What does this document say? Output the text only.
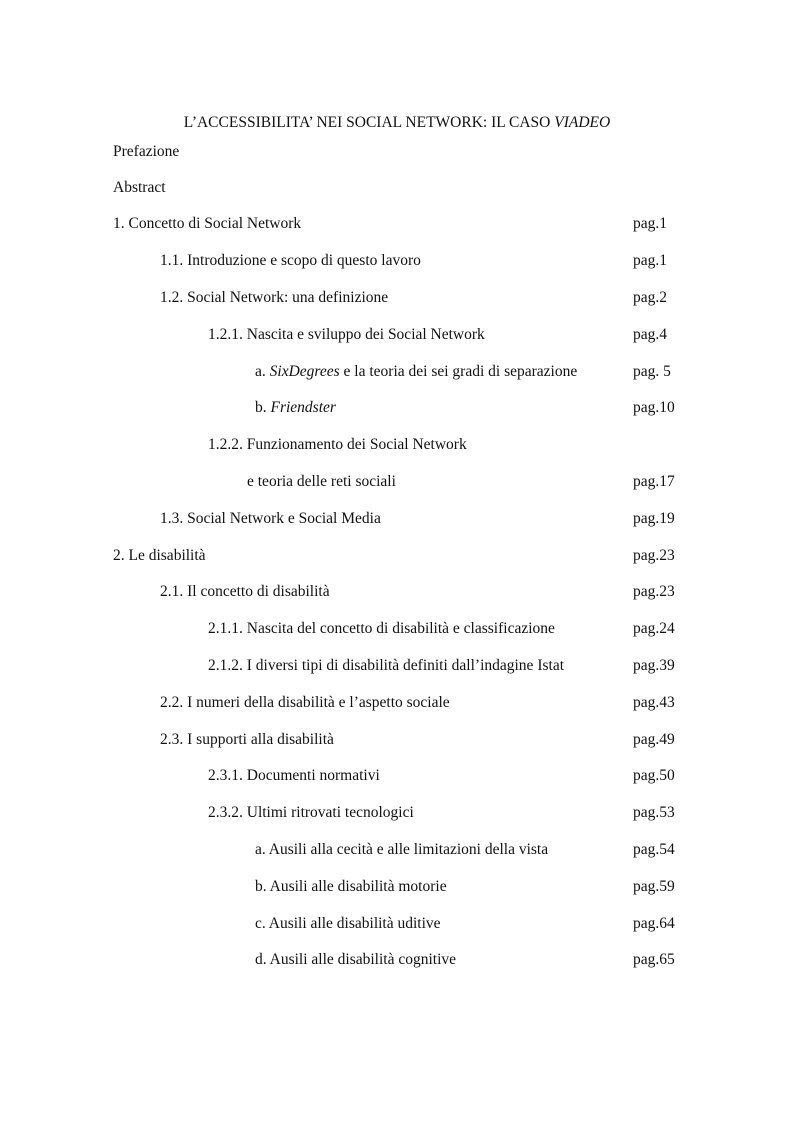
L’ACCESSIBILITA’ NEI SOCIAL NETWORK: IL CASO VIADEO
Prefazione
Abstract
1. Concetto di Social Network	pag.1
1.1. Introduzione e scopo di questo lavoro	pag.1
1.2. Social Network: una definizione	pag.2
1.2.1. Nascita e sviluppo dei Social Network	pag.4
a. SixDegrees e la teoria dei sei gradi di separazione	pag. 5
b. Friendster	pag.10
1.2.2. Funzionamento dei Social Network
e teoria delle reti sociali	pag.17
1.3. Social Network e Social Media	pag.19
2. Le disabilità	pag.23
2.1. Il concetto di disabilità	pag.23
2.1.1. Nascita del concetto di disabilità e classificazione	pag.24
2.1.2. I diversi tipi di disabilità definiti dall’indagine Istat	pag.39
2.2. I numeri della disabilità e l’aspetto sociale	pag.43
2.3. I supporti alla disabilità	pag.49
2.3.1. Documenti normativi	pag.50
2.3.2. Ultimi ritrovati tecnologici	pag.53
a. Ausili alla cecità e alle limitazioni della vista	pag.54
b. Ausili alle disabilità motorie	pag.59
c. Ausili alle disabilità uditive	pag.64
d. Ausili alle disabilità cognitive	pag.65
